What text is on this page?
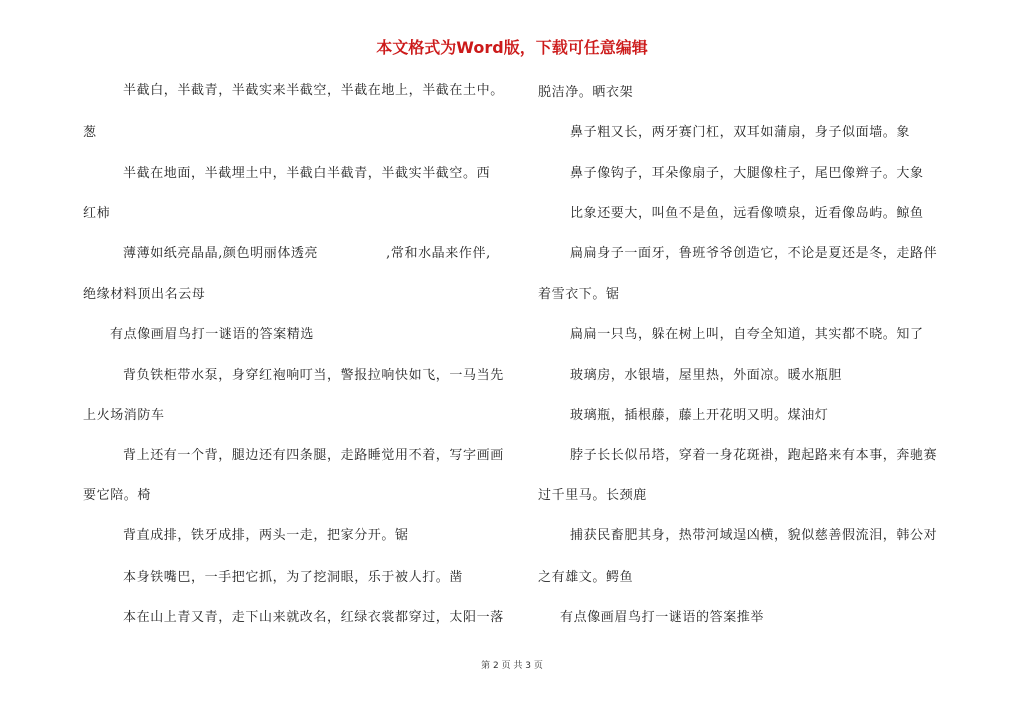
本文格式为Word版，下载可任意编辑
半截白，半截青，半截实来半截空，半截在地上，半截在土中。
葱
半截在地面，半截埋土中，半截白半截青，半截实半截空。西
红柿
薄薄如纸亮晶晶,颜色明丽体透亮　　　　　,常和水晶来作伴,
绝缘材料顶出名云母
有点像画眉鸟打一谜语的答案精选
背负铁柜带水泵，身穿红袍响叮当，警报拉响快如飞，一马当先
上火场消防车
背上还有一个背，腿边还有四条腿，走路睡觉用不着，写字画画
要它陪。椅
背直成排，铁牙成排，两头一走，把家分开。锯
本身铁嘴巴，一手把它抓，为了挖洞眼，乐于被人打。凿
本在山上青又青，走下山来就改名，红绿衣裳都穿过，太阳一落
脱洁净。晒衣架
鼻子粗又长，两牙赛门杠，双耳如蒲扇，身子似面墙。象
鼻子像钩子，耳朵像扇子，大腿像柱子，尾巴像辫子。大象
比象还要大，叫鱼不是鱼，远看像喷泉，近看像岛屿。鲸鱼
扁扁身子一面牙，鲁班爷爷创造它，不论是夏还是冬，走路伴
着雪衣下。锯
扁扁一只鸟，躲在树上叫，自夸全知道，其实都不晓。知了
玻璃房，水银墙，屋里热，外面凉。暖水瓶胆
玻璃瓶，插根藤，藤上开花明又明。煤油灯
脖子长长似吊塔，穿着一身花斑褂，跑起路来有本事，奔驰赛
过千里马。长颈鹿
捕获民畜肥其身，热带河域逞凶横，貌似慈善假流泪，韩公对
之有雄文。鳄鱼
有点像画眉鸟打一谜语的答案推举
第 2 页 共 3 页
